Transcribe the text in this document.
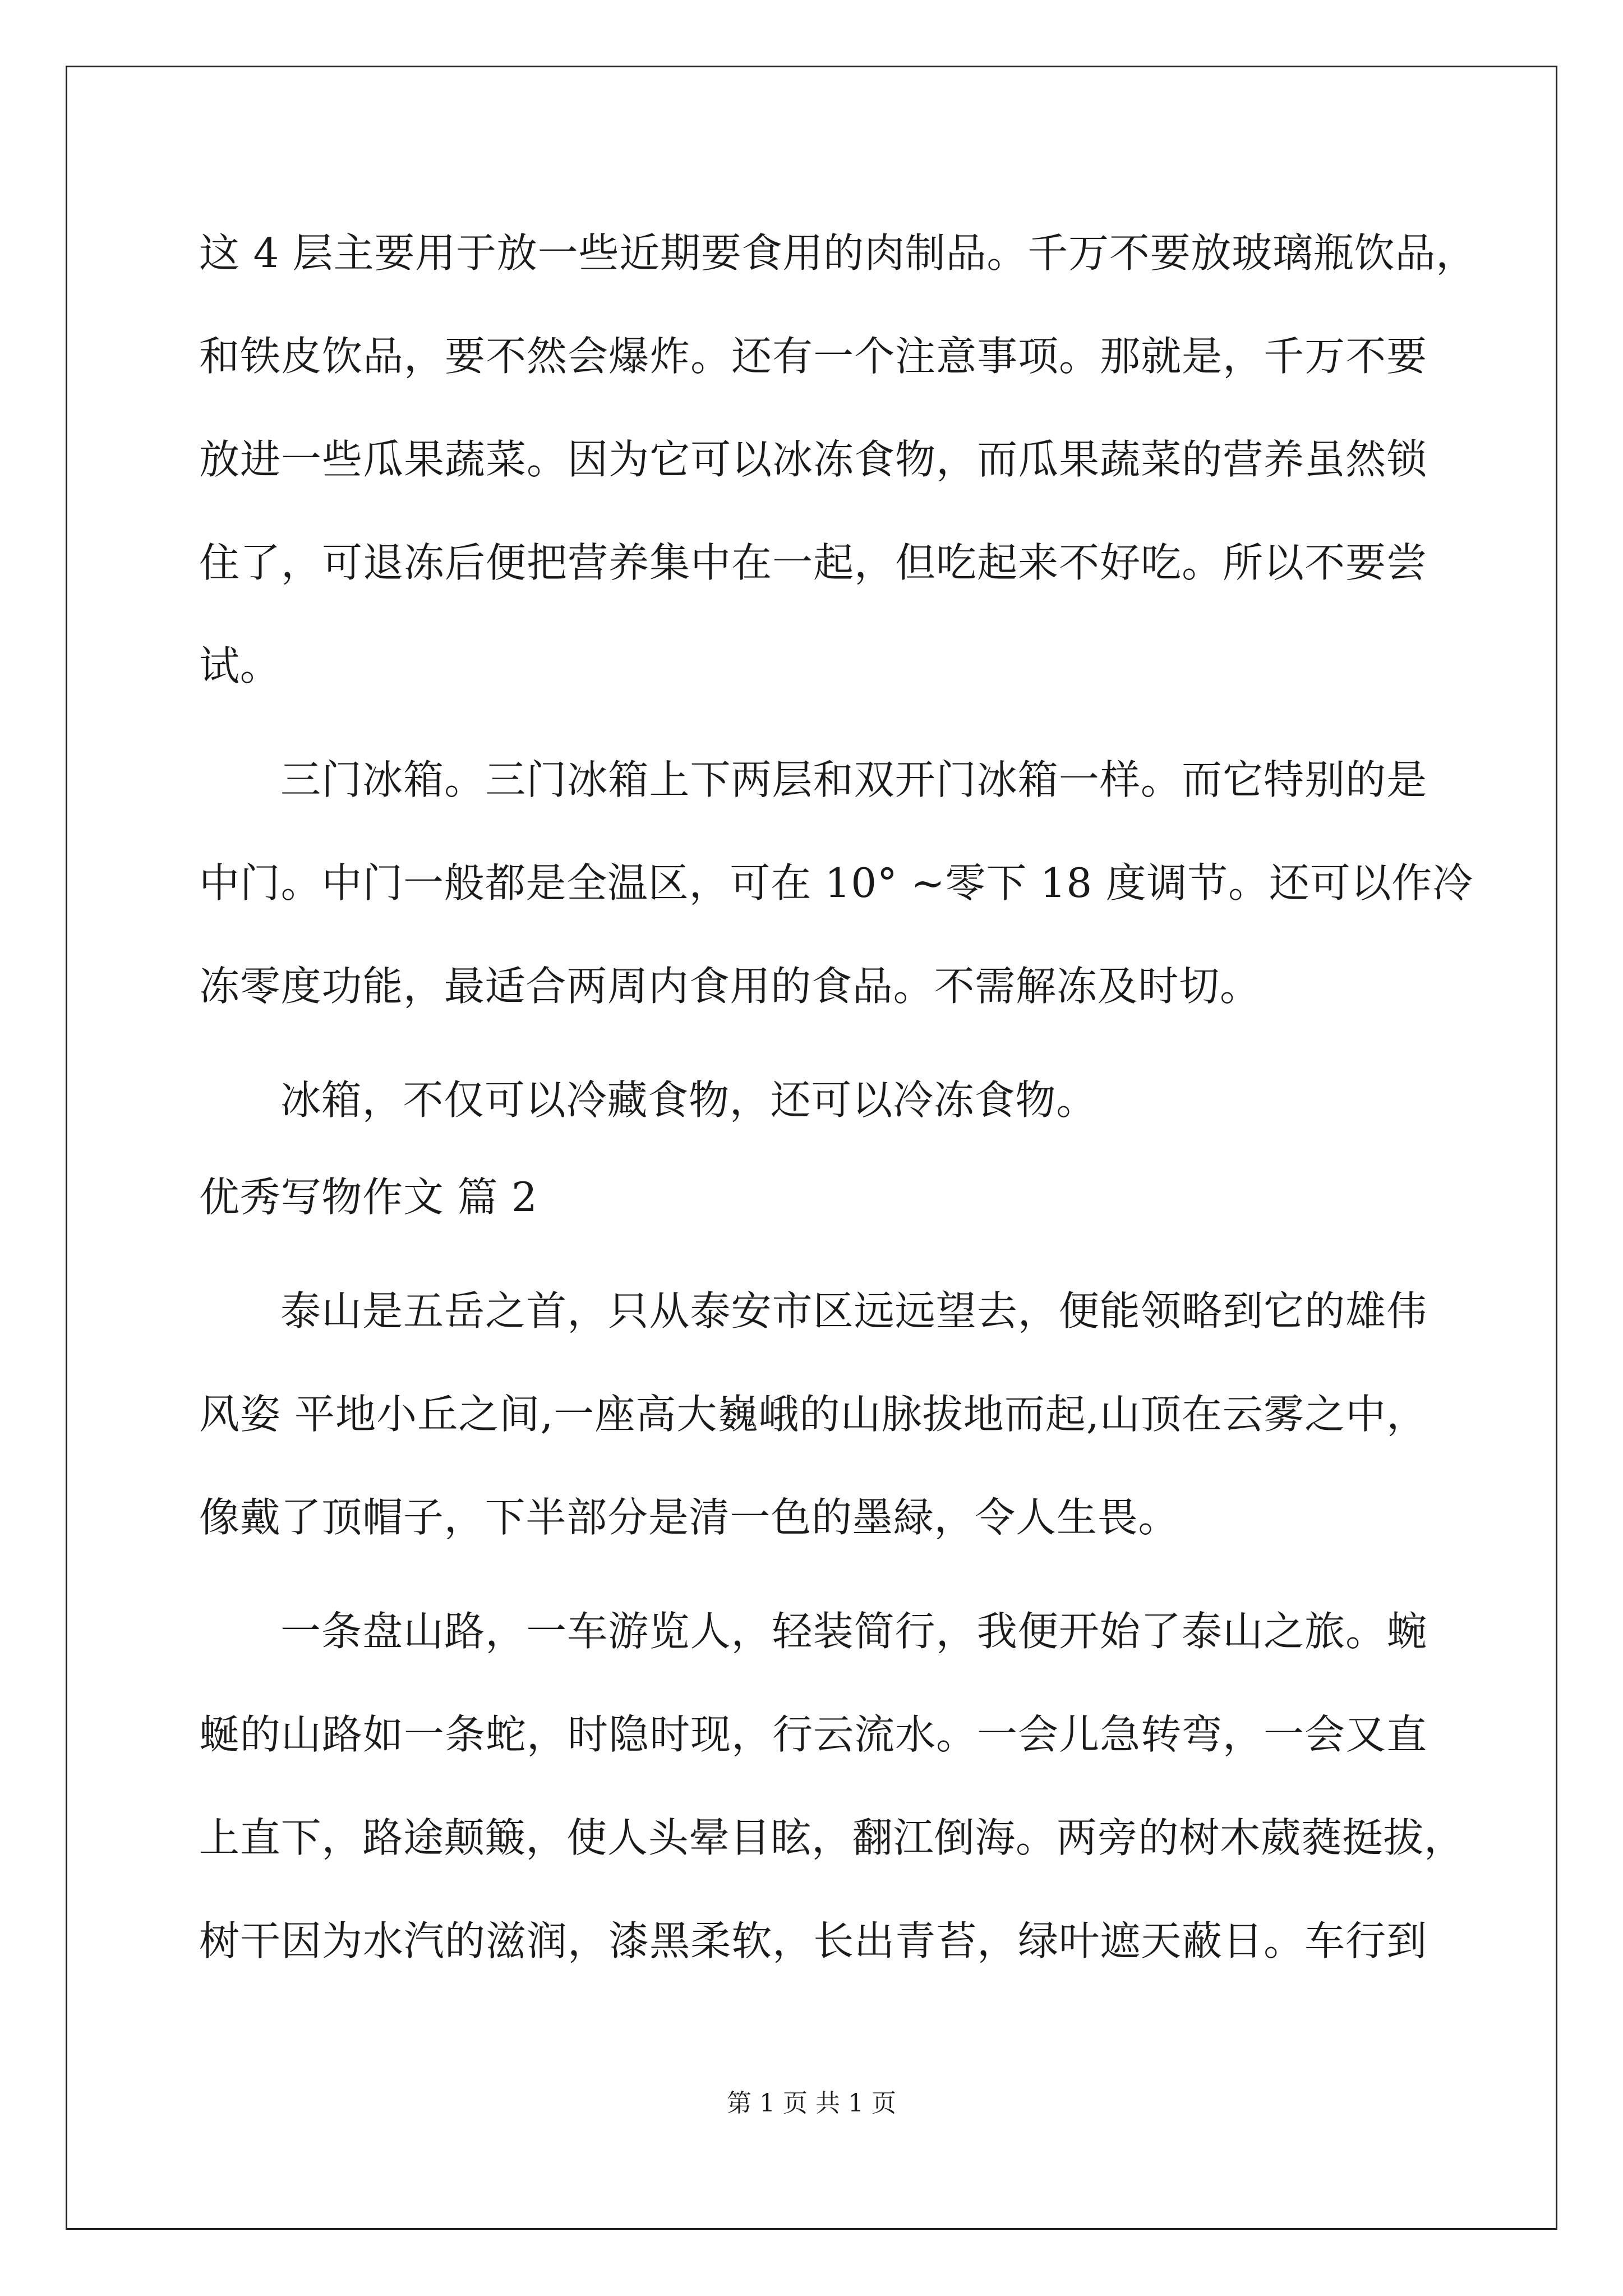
这 4 层主要用于放一些近期要食用的肉制品。千万不要放玻璃瓶饮品，
和铁皮饮品，要不然会爆炸。还有一个注意事项。那就是，千万不要
放进一些瓜果蔬菜。因为它可以冰冻食物，而瓜果蔬菜的营养虽然锁
住了，可退冻后便把营养集中在一起，但吃起来不好吃。所以不要尝
试。
三门冰箱。三门冰箱上下两层和双开门冰箱一样。而它特别的是
中门。中门一般都是全温区，可在 10° ~零下 18 度调节。还可以作冷
冻零度功能，最适合两周内食用的食品。不需解冻及时切。
冰箱，不仅可以冷藏食物，还可以冷冻食物。
优秀写物作文 篇 2
泰山是五岳之首，只从泰安市区远远望去，便能领略到它的雄伟
风姿 平地小丘之间,一座高大巍峨的山脉拔地而起,山顶在云雾之中，
像戴了顶帽子，下半部分是清一色的墨緑，令人生畏。
一条盘山路，一车游览人，轻装简行，我便开始了泰山之旅。蜿
蜒的山路如一条蛇，时隐时现，行云流水。一会儿急转弯，一会又直
上直下，路途颠簸，使人头晕目眩，翻江倒海。两旁的树木葳蕤挺拔，
树干因为水汽的滋润，漆黑柔软，长出青苔，绿叶遮天蔽日。车行到
第 1 页 共 1 页
